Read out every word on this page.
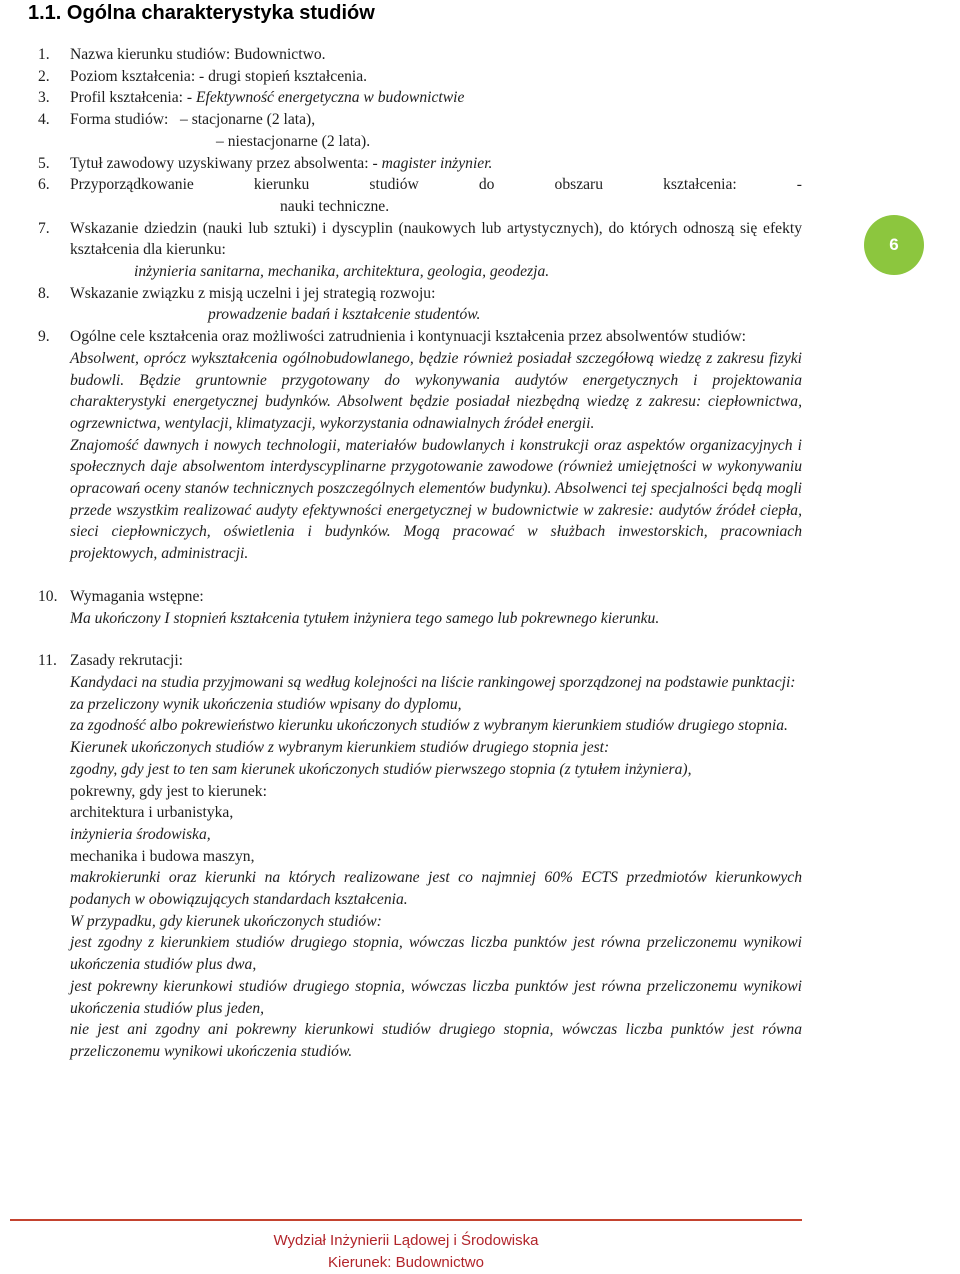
1.1. Ogólna charakterystyka studiów
1.	Nazwa kierunku studiów: Budownictwo.
2.	Poziom kształcenia: - drugi stopień kształcenia.
3.	Profil kształcenia: - Efektywność energetyczna w budownictwie
4.	Forma studiów: – stacjonarne (2 lata),
– niestacjonarne (2 lata).
5.	Tytuł zawodowy uzyskiwany przez absolwenta: - magister inżynier.
6.	Przyporządkowanie kierunku studiów do obszaru kształcenia: -
nauki techniczne.
7.	Wskazanie dziedzin (nauki lub sztuki) i dyscyplin (naukowych lub artystycznych), do których odnoszą się efekty kształcenia dla kierunku:
inżynieria sanitarna, mechanika, architektura, geologia, geodezja.
8.	Wskazanie związku z misją uczelni i jej strategią rozwoju:
prowadzenie badań i kształcenie studentów.
9.	Ogólne cele kształcenia oraz możliwości zatrudnienia i kontynuacji kształcenia przez absolwentów studiów:
Absolwent, oprócz wykształcenia ogólnobudowlanego, będzie również posiadał szczegółową wiedzę z zakresu fizyki budowli. Będzie gruntownie przygotowany do wykonywania audytów energetycznych i projektowania charakterystyki energetycznej budynków. Absolwent będzie posiadał niezbędną wiedzę z zakresu: ciepłownictwa, ogrzewnictwa, wentylacji, klimatyzacji, wykorzystania odnawialnych źródeł energii.
Znajomość dawnych i nowych technologii, materiałów budowlanych i konstrukcji oraz aspektów organizacyjnych i społecznych daje absolwentom interdyscyplinarne przygotowanie zawodowe (również umiejętności w wykonywaniu opracowań oceny stanów technicznych poszczególnych elementów budynku). Absolwenci tej specjalności będą mogli przede wszystkim realizować audyty efektywności energetycznej w budownictwie w zakresie: audytów źródeł ciepła, sieci ciepłowniczych, oświetlenia i budynków. Mogą pracować w służbach inwestorskich, pracowniach projektowych, administracji.
10. Wymagania wstępne:
Ma ukończony I stopnień kształcenia tytułem inżyniera tego samego lub pokrewnego kierunku.
11. Zasady rekrutacji:
Kandydaci na studia przyjmowani są według kolejności na liście rankingowej sporządzonej na podstawie punktacji:
za przeliczony wynik ukończenia studiów wpisany do dyplomu,
za zgodność albo pokrewieństwo kierunku ukończonych studiów z wybranym kierunkiem studiów drugiego stopnia.
Kierunek ukończonych studiów z wybranym kierunkiem studiów drugiego stopnia jest:
zgodny, gdy jest to ten sam kierunek ukończonych studiów pierwszego stopnia (z tytułem inżyniera),
pokrewny, gdy jest to kierunek:
architektura i urbanistyka,
inżynieria środowiska,
mechanika i budowa maszyn,
makrokierunki oraz kierunki na których realizowane jest co najmniej 60% ECTS przedmiotów kierunkowych podanych w obowiązujących standardach kształcenia.
W przypadku, gdy kierunek ukończonych studiów:
jest zgodny z kierunkiem studiów drugiego stopnia, wówczas liczba punktów jest równa przeliczonemu wynikowi ukończenia studiów plus dwa,
jest pokrewny kierunkowi studiów drugiego stopnia, wówczas liczba punktów jest równa przeliczonemu wynikowi ukończenia studiów plus jeden,
nie jest ani zgodny ani pokrewny kierunkowi studiów drugiego stopnia, wówczas liczba punktów jest równa przeliczonemu wynikowi ukończenia studiów.
6
Wydział Inżynierii Lądowej i Środowiska
Kierunek: Budownictwo
